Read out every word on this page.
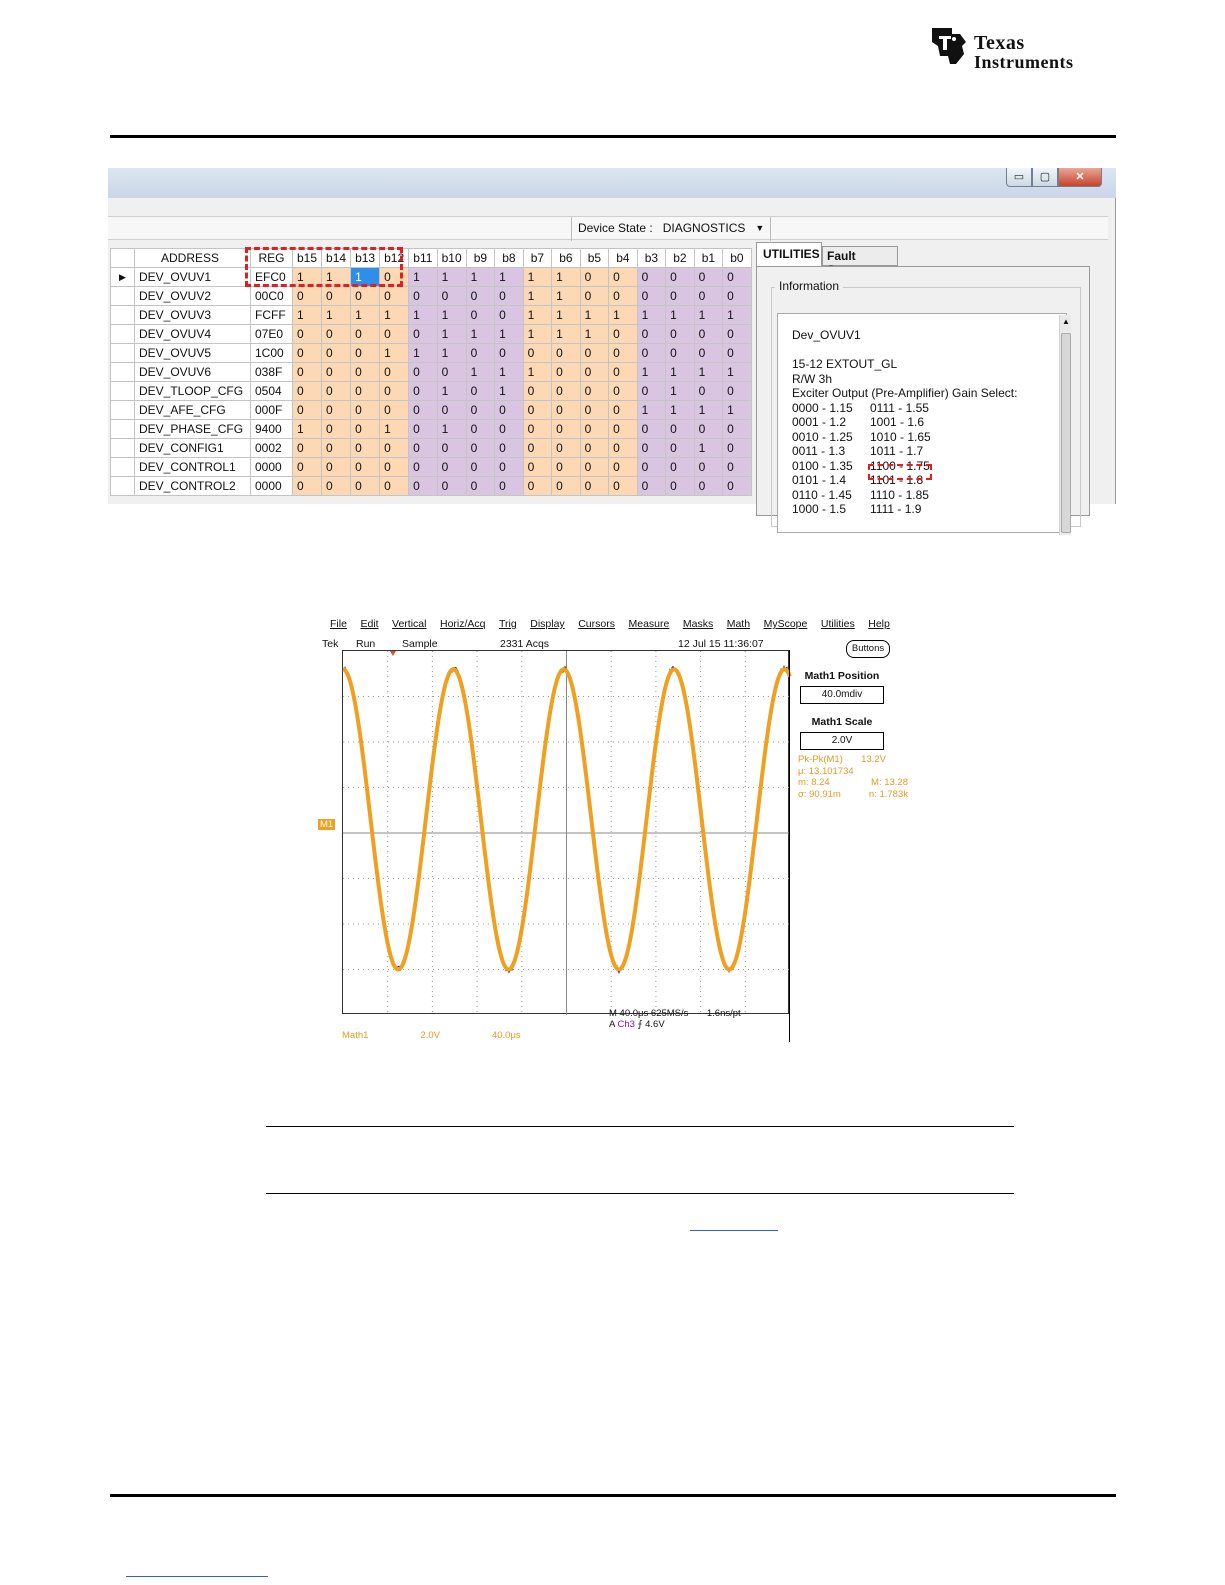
Texas
Instruments
▭	▢	✕
Device State : DIAGNOSTICS ▼
	ADDRESS	REG	b15	b14	b13	b12	b11	b10	b9	b8	b7	b6	b5	b4	b3	b2	b1	b0
▶	DEV_OVUV1	EFC0	1	1	1	0	1	1	1	1	1	1	0	0	0	0	0	0
	DEV_OVUV2	00C0	0	0	0	0	0	0	0	0	1	1	0	0	0	0	0	0
	DEV_OVUV3	FCFF	1	1	1	1	1	1	0	0	1	1	1	1	1	1	1	1
	DEV_OVUV4	07E0	0	0	0	0	0	1	1	1	1	1	1	0	0	0	0	0
	DEV_OVUV5	1C00	0	0	0	1	1	1	0	0	0	0	0	0	0	0	0	0
	DEV_OVUV6	038F	0	0	0	0	0	0	1	1	1	0	0	0	1	1	1	1
	DEV_TLOOP_CFG	0504	0	0	0	0	0	1	0	1	0	0	0	0	0	1	0	0
	DEV_AFE_CFG	000F	0	0	0	0	0	0	0	0	0	0	0	0	1	1	1	1
	DEV_PHASE_CFG	9400	1	0	0	1	0	1	0	0	0	0	0	0	0	0	0	0
	DEV_CONFIG1	0002	0	0	0	0	0	0	0	0	0	0	0	0	0	0	1	0
	DEV_CONTROL1	0000	0	0	0	0	0	0	0	0	0	0	0	0	0	0	0	0
	DEV_CONTROL2	0000	0	0	0	0	0	0	0	0	0	0	0	0	0	0	0	0
UTILITIES Fault
Information
Dev_OVUV1
15-12 EXTOUT_GL
R/W 3h
Exciter Output (Pre-Amplifier) Gain Select:
0000 - 1.15	0111 - 1.55
0001 - 1.2	1001 - 1.6
0010 - 1.25	1010 - 1.65
0011 - 1.3	1011 - 1.7
0100 - 1.35	1100 - 1.75
0101 - 1.4	1101 - 1.8
0110 - 1.45	1110 - 1.85
1000 - 1.5	1111 - 1.9
▲
File Edit Vertical Horiz/Acq Trig Display Cursors Measure Masks Math MyScope Utilities Help
Tek Run	Sample	2331 Acqs	12 Jul 15 11:36:07	Buttons
M1
Math1 Position
40.0mdiv
Math1 Scale
2.0V
Pk-Pk(M1) 13.2V
μ: 13.101734
m: 8.24	M: 13.28
σ: 90.91m	n: 1.783k
M 40.0μs 625MS/s       1.6ns/pt
A Ch3 ⨍ 4.6V
Math1	2.0V	40.0μs
